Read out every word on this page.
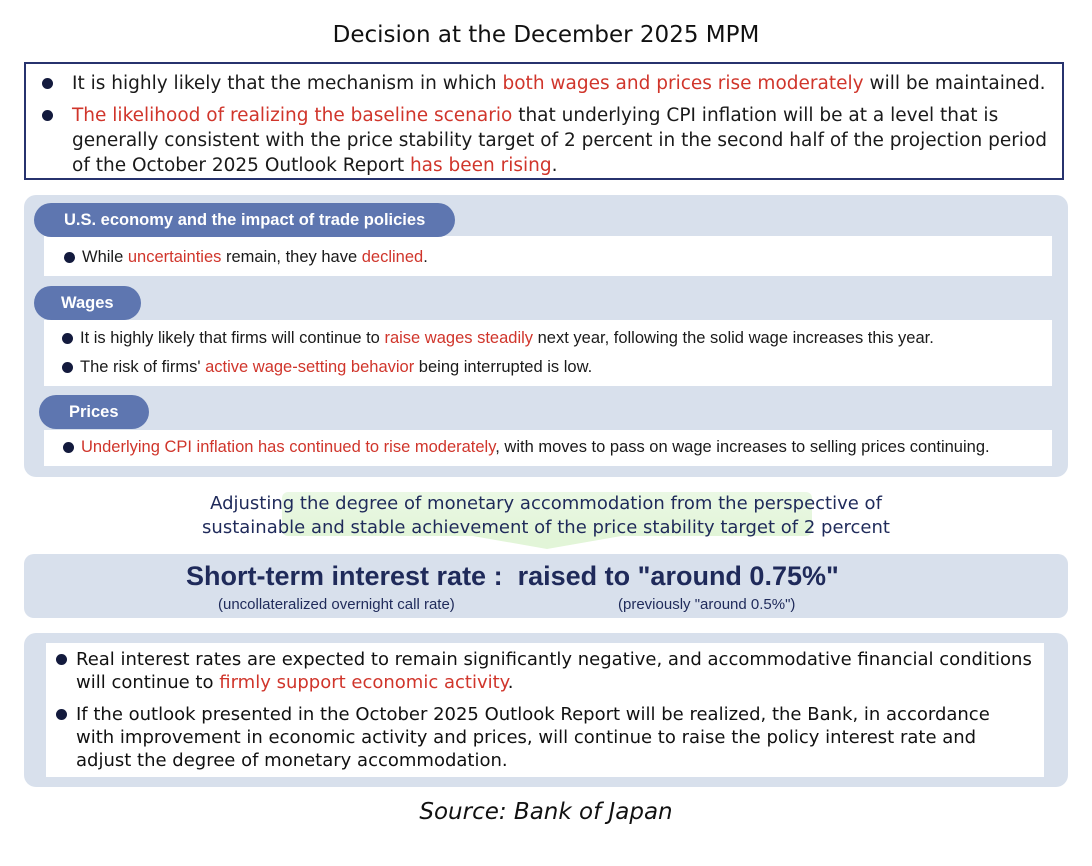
Decision at the December 2025 MPM
It is highly likely that the mechanism in which both wages and prices rise moderately will be maintained.
The likelihood of realizing the baseline scenario that underlying CPI inflation will be at a level that is
generally consistent with the price stability target of 2 percent in the second half of the projection period
of the October 2025 Outlook Report has been rising.
U.S. economy and the impact of trade policies
While uncertainties remain, they have declined.
Wages
It is highly likely that firms will continue to raise wages steadily next year, following the solid wage increases this year.
The risk of firms' active wage-setting behavior being interrupted is low.
Prices
Underlying CPI inflation has continued to rise moderately, with moves to pass on wage increases to selling prices continuing.
Adjusting the degree of monetary accommodation from the perspective of
sustainable and stable achievement of the price stability target of 2 percent
Short-term interest rate : raised to "around 0.75%"
(uncollateralized overnight call rate)	(previously "around 0.5%")
Real interest rates are expected to remain significantly negative, and accommodative financial conditions
will continue to firmly support economic activity.
If the outlook presented in the October 2025 Outlook Report will be realized, the Bank, in accordance
with improvement in economic activity and prices, will continue to raise the policy interest rate and
adjust the degree of monetary accommodation.
Source: Bank of Japan
